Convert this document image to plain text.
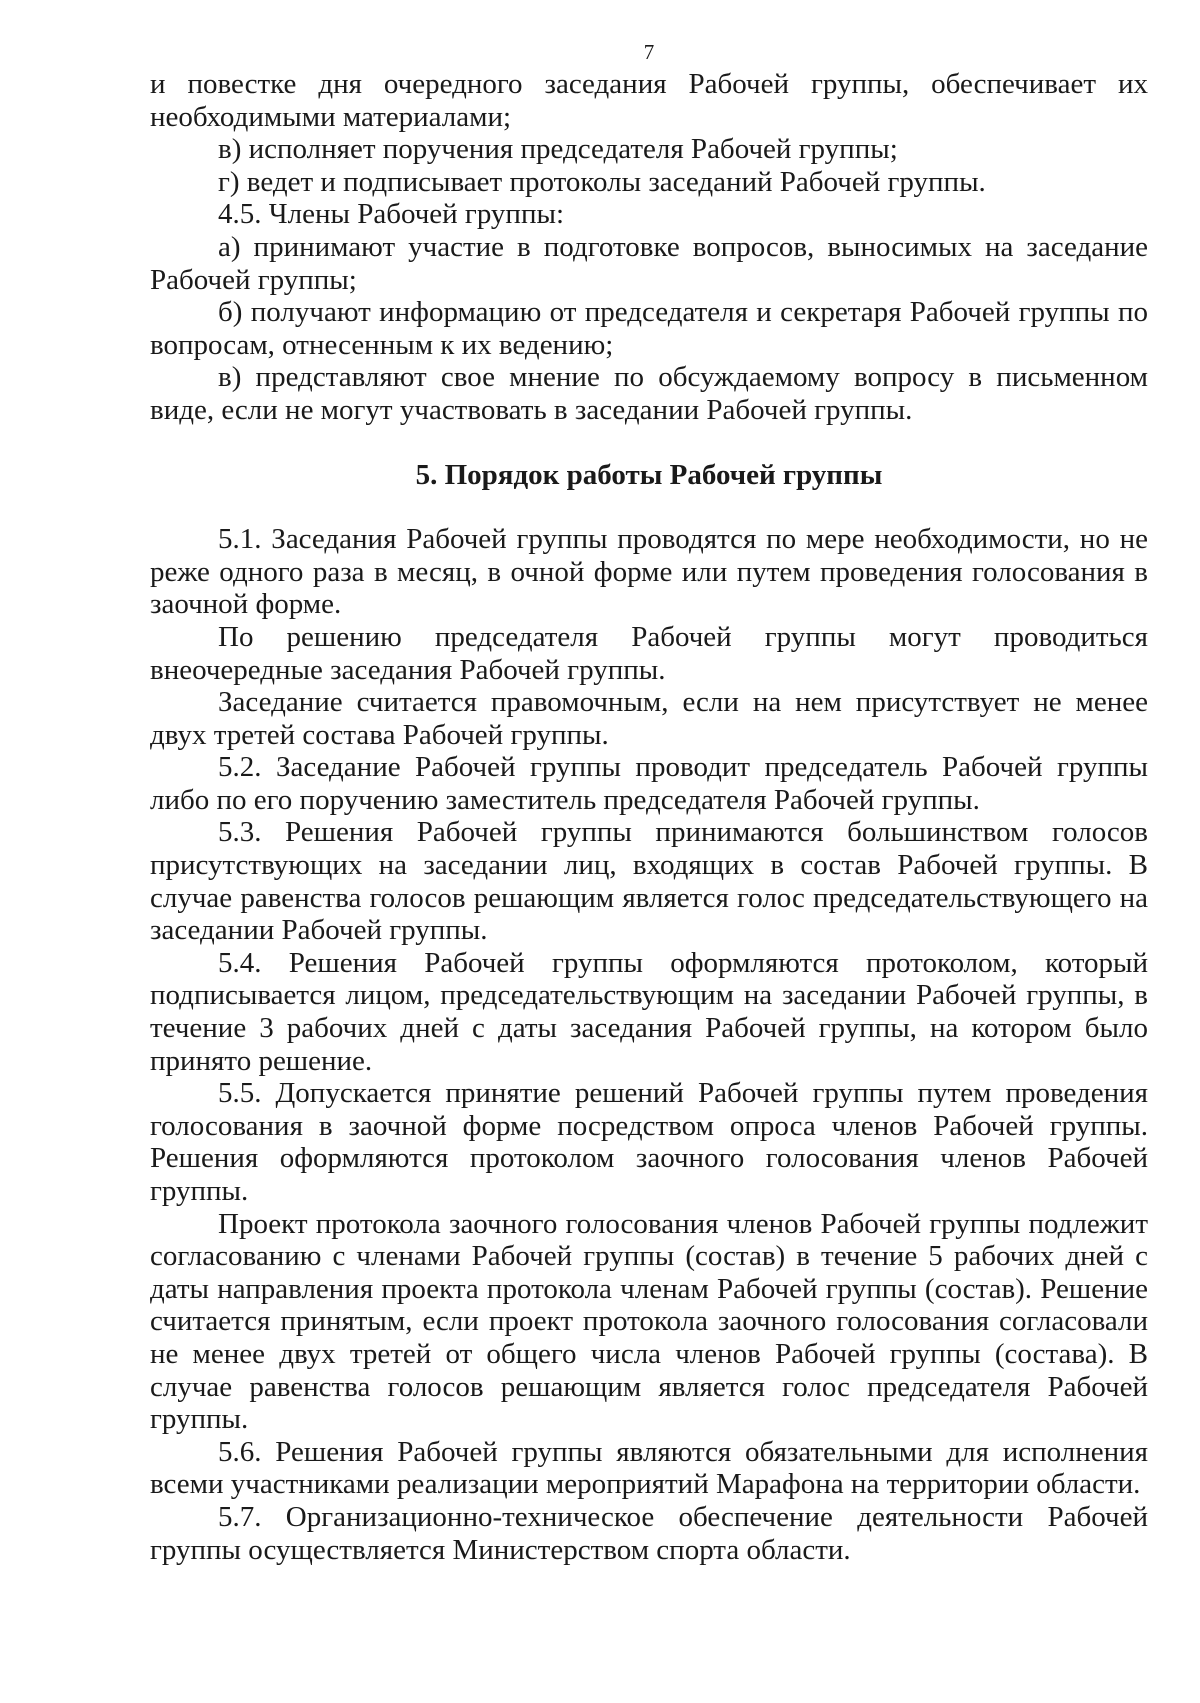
7

и повестке дня очередного заседания Рабочей группы, обеспечивает их необходимыми материалами;

в) исполняет поручения председателя Рабочей группы;

г) ведет и подписывает протоколы заседаний Рабочей группы.

4.5. Члены Рабочей группы:

а) принимают участие в подготовке вопросов, выносимых на заседание Рабочей группы;

б) получают информацию от председателя и секретаря Рабочей группы по вопросам, отнесенным к их ведению;

в) представляют свое мнение по обсуждаемому вопросу в письменном виде, если не могут участвовать в заседании Рабочей группы.

5. Порядок работы Рабочей группы

5.1. Заседания Рабочей группы проводятся по мере необходимости, но не реже одного раза в месяц, в очной форме или путем проведения голосования в заочной форме.

По решению председателя Рабочей группы могут проводиться внеочередные заседания Рабочей группы.

Заседание считается правомочным, если на нем присутствует не менее двух третей состава Рабочей группы.

5.2. Заседание Рабочей группы проводит председатель Рабочей группы либо по его поручению заместитель председателя Рабочей группы.

5.3. Решения Рабочей группы принимаются большинством голосов присутствующих на заседании лиц, входящих в состав Рабочей группы. В случае равенства голосов решающим является голос председательствующего на заседании Рабочей группы.

5.4. Решения Рабочей группы оформляются протоколом, который подписывается лицом, председательствующим на заседании Рабочей группы, в течение 3 рабочих дней с даты заседания Рабочей группы, на котором было принято решение.

5.5. Допускается принятие решений Рабочей группы путем проведения голосования в заочной форме посредством опроса членов Рабочей группы. Решения оформляются протоколом заочного голосования членов Рабочей группы.

Проект протокола заочного голосования членов Рабочей группы подлежит согласованию с членами Рабочей группы (состав) в течение 5 рабочих дней с даты направления проекта протокола членам Рабочей группы (состав). Решение считается принятым, если проект протокола заочного голосования согласовали не менее двух третей от общего числа членов Рабочей группы (состава). В случае равенства голосов решающим является голос председателя Рабочей группы.

5.6. Решения Рабочей группы являются обязательными для исполнения всеми участниками реализации мероприятий Марафона на территории области.

5.7. Организационно-техническое обеспечение деятельности Рабочей группы осуществляется Министерством спорта области.
